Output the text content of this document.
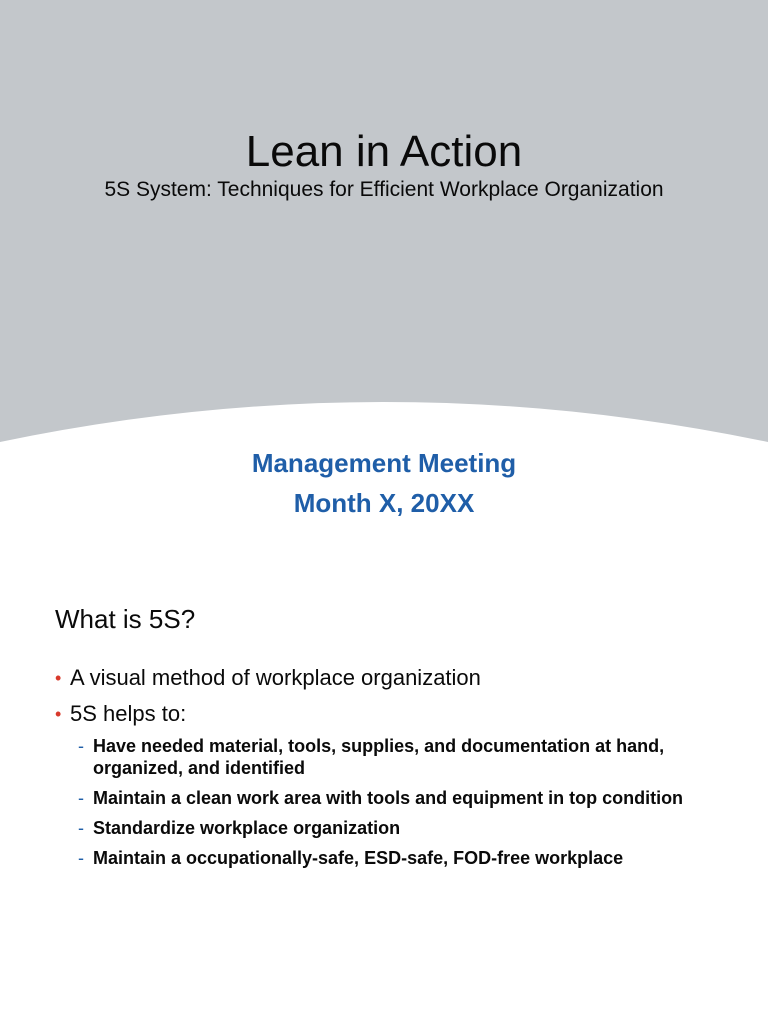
Lean in Action
5S System: Techniques for Efficient Workplace Organization
Management Meeting
Month X, 20XX
What is 5S?
• A visual method of workplace organization
• 5S helps to:
- Have needed material, tools, supplies, and documentation at hand, organized, and identified
- Maintain a clean work area with tools and equipment in top condition
- Standardize workplace organization
- Maintain a occupationally-safe, ESD-safe, FOD-free workplace
